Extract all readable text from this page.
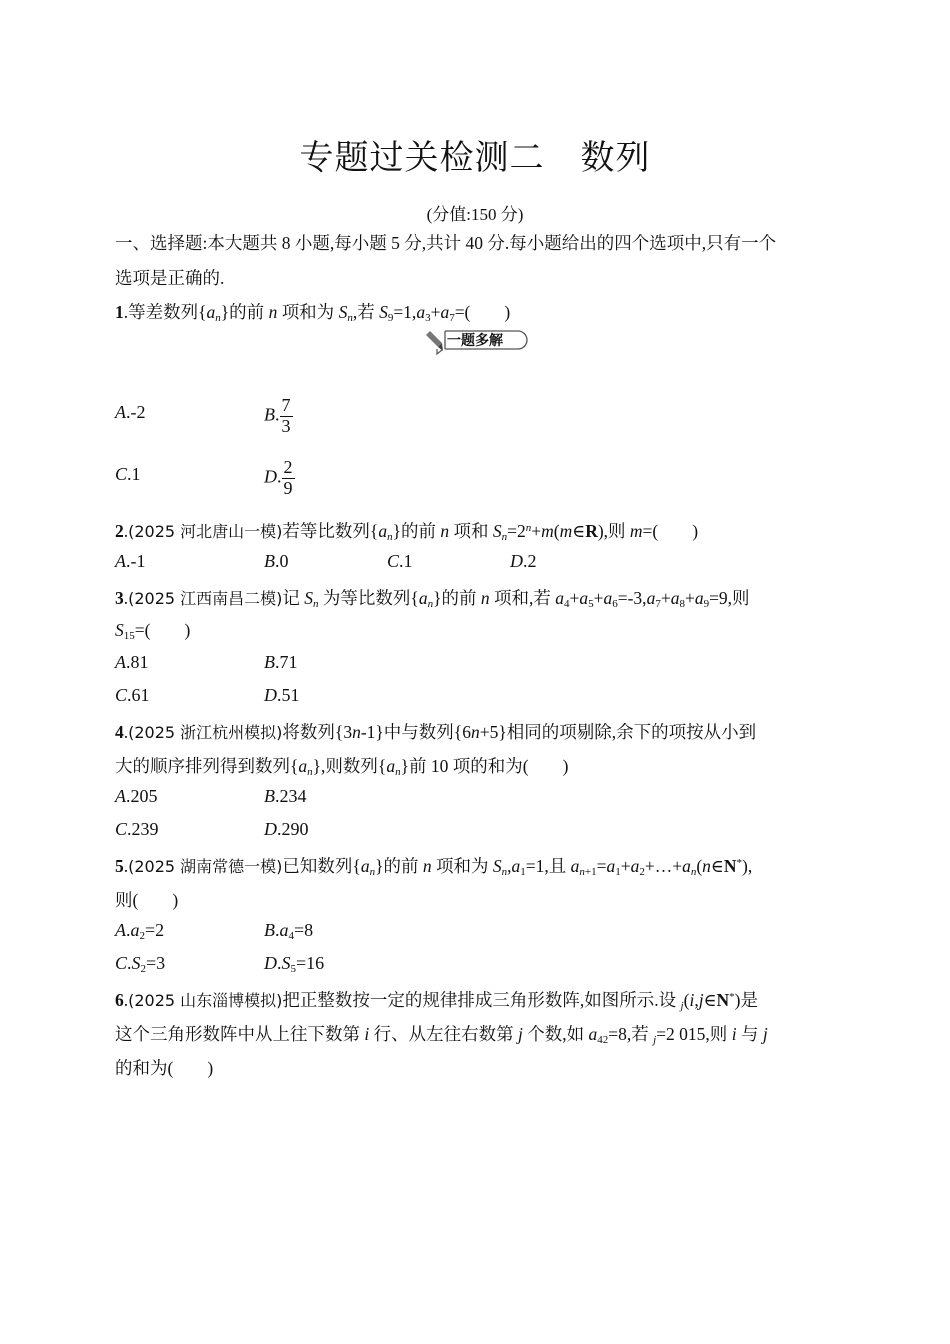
专题过关检测二 数列
(分值:150 分)
一、选择题:本大题共 8 小题,每小题 5 分,共计 40 分.每小题给出的四个选项中,只有一个
选项是正确的.
1.等差数列$\{a_n\}$的前 n 项和为 $S_n$,若 $S_9=1,a_3+a_7=$( )
一题多解
A.-2	B. $\frac{7}{3}$
C.1	D. $\frac{2}{9}$
2.(2025 河北唐山一模)若等比数列$\{a_n\}$的前 n 项和 $S_n=2^n+m(m\in R)$,则 m=( )
A.-1	B.0	C.1	D.2
3.(2025 江西南昌二模)记 $S_n$ 为等比数列$\{a_n\}$的前 n 项和,若 $a_4+a_5+a_6=-3,a_7+a_8+a_9=9$,则
$S_{15}=$( )
A.81	B.71
C.61	D.51
4.(2025 浙江杭州模拟)将数列{3n-1}中与数列{6n+5}相同的项剔除,余下的项按从小到
大的顺序排列得到数列$\{a_n\}$,则数列$\{a_n\}$前 10 项的和为( )
A.205	B.234
C.239	D.290
5.(2025 湖南常德一模)已知数列$\{a_n\}$的前 n 项和为 $S_n,a_1=1$,且 $a_{n+1}=a_1+a_2+\dots+a_n(n\in N^*)$,
则( )
$A.a_2=2$	$B.a_4=8$
$C.S_2=3$	$D.S_5=16$
6.(2025 山东淄博模拟)把正整数按一定的规律排成三角形数阵,如图所示.设 $_j$(i,j∈N*)是
这个三角形数阵中从上往下数第 i 行、从左往右数第 j 个数,如 $a_{42}=8$,若 $_j$=2 015,则 i 与 j
的和为( )
